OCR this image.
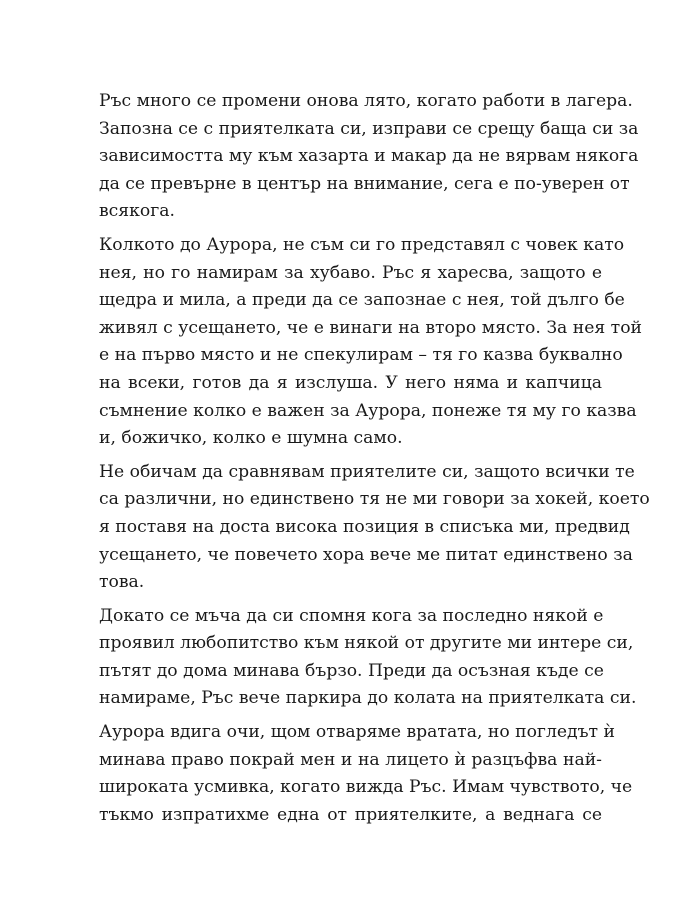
Ръс много се промени онова лято, когато работи в лагера.
Запозна се с приятелката си, изправи се срещу баща си за
зависимостта му към хазарта и макар да не вярвам някога
да се превърне в център на внимание, сега е по-уверен от
всякога.
Колкото до Аурора, не съм си го представял с човек като
нея, но го намирам за хубаво. Ръс я харесва, защото е
щедра и мила, а преди да се запознае с нея, той дълго бе
живял с усещането, че е винаги на второ място. За нея той
е на първо място и не спекулирам – тя го казва буквално
на всеки, готов да я изслуша. У него няма и капчица
съмнение колко е важен за Аурора, понеже тя му го казва
и, божичко, колко е шумна само.
Не обичам да сравнявам приятелите си, защото всички те
са различни, но единствено тя не ми говори за хокей, което
я поставя на доста висока позиция в списъка ми, предвид
усещането, че повечето хора вече ме питат единствено за
това.
Докато се мъча да си спомня кога за последно някой е
проявил любопитство към някой от другите ми интере си,
пътят до дома минава бързо. Преди да осъзная къде се
намираме, Ръс вече паркира до колата на приятелката си.
Аурора вдига очи, щом отваряме вратата, но погледът ѝ
минава право покрай мен и на лицето ѝ разцъфва най-
широката усмивка, когато вижда Ръс. Имам чувството, че
тъкмо изпратихме една от приятелките, а веднага се
